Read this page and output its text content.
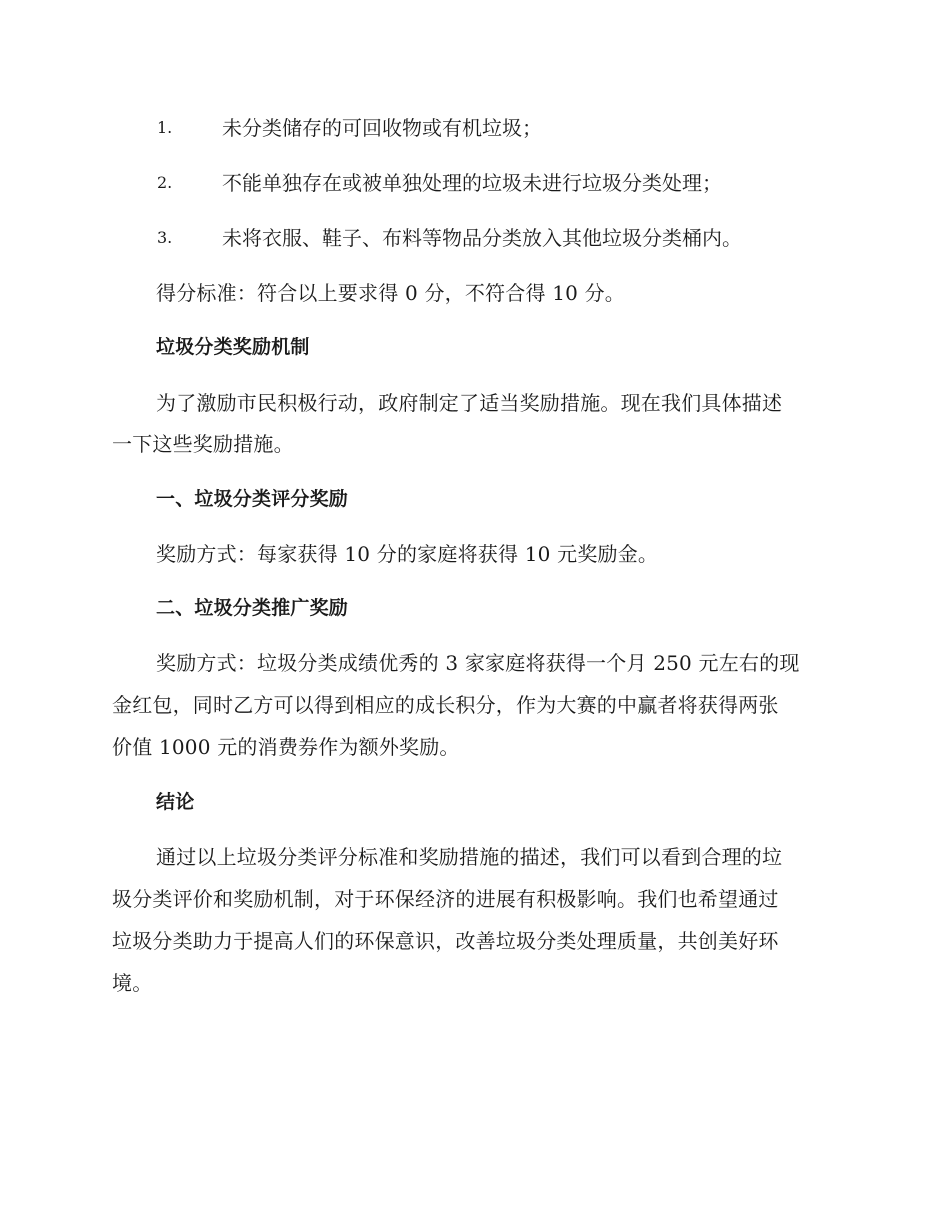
1. 未分类储存的可回收物或有机垃圾；
2. 不能单独存在或被单独处理的垃圾未进行垃圾分类处理；
3. 未将衣服、鞋子、布料等物品分类放入其他垃圾分类桶内。
得分标准：符合以上要求得 0 分，不符合得 10 分。
垃圾分类奖励机制
为了激励市民积极行动，政府制定了适当奖励措施。现在我们具体描述
一下这些奖励措施。
一、垃圾分类评分奖励
奖励方式：每家获得 10 分的家庭将获得 10 元奖励金。
二、垃圾分类推广奖励
奖励方式：垃圾分类成绩优秀的 3 家家庭将获得一个月 250 元左右的现
金红包，同时乙方可以得到相应的成长积分，作为大赛的中赢者将获得两张
价值 1000 元的消费券作为额外奖励。
结论
通过以上垃圾分类评分标准和奖励措施的描述，我们可以看到合理的垃
圾分类评价和奖励机制，对于环保经济的进展有积极影响。我们也希望通过
垃圾分类助力于提高人们的环保意识，改善垃圾分类处理质量，共创美好环
境。
